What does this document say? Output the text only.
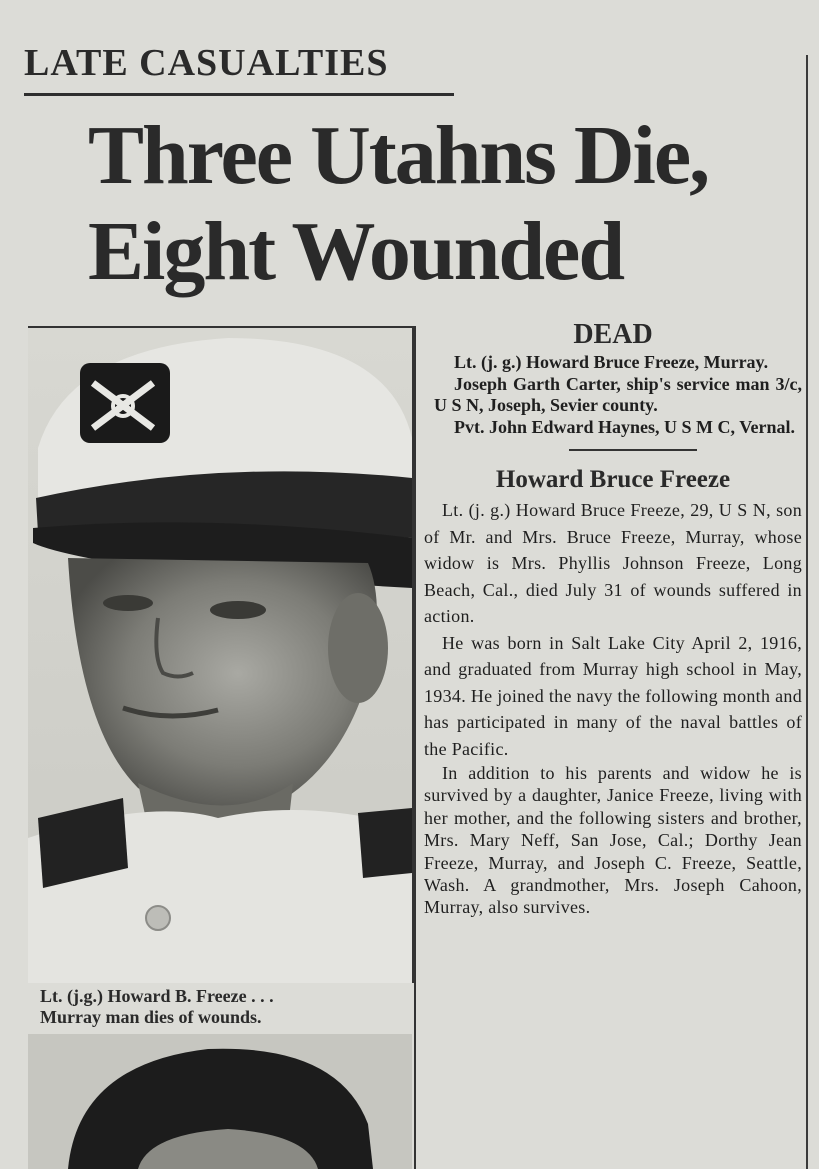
LATE CASUALTIES
Three Utahns Die,
Eight Wounded
Lt. (j.g.) Howard B. Freeze . . .
Murray man dies of wounds.
DEAD

Lt. (j. g.) Howard Bruce Freeze, Murray.

Joseph Garth Carter, ship's service man 3/c, U S N, Joseph, Sevier county.

Pvt. John Edward Haynes, U S M C, Vernal.

Howard Bruce Freeze

Lt. (j. g.) Howard Bruce Freeze, 29, U S N, son of Mr. and Mrs. Bruce Freeze, Murray, whose widow is Mrs. Phyllis Johnson Freeze, Long Beach, Cal., died July 31 of wounds suffered in action.

He was born in Salt Lake City April 2, 1916, and graduated from Murray high school in May, 1934. He joined the navy the following month and has participated in many of the naval battles of the Pacific.

In addition to his parents and widow he is survived by a daughter, Janice Freeze, living with her mother, and the following sisters and brother, Mrs. Mary Neff, San Jose, Cal.; Dorthy Jean Freeze, Murray, and Joseph C. Freeze, Seattle, Wash. A grandmother, Mrs. Joseph Cahoon, Murray, also survives.
